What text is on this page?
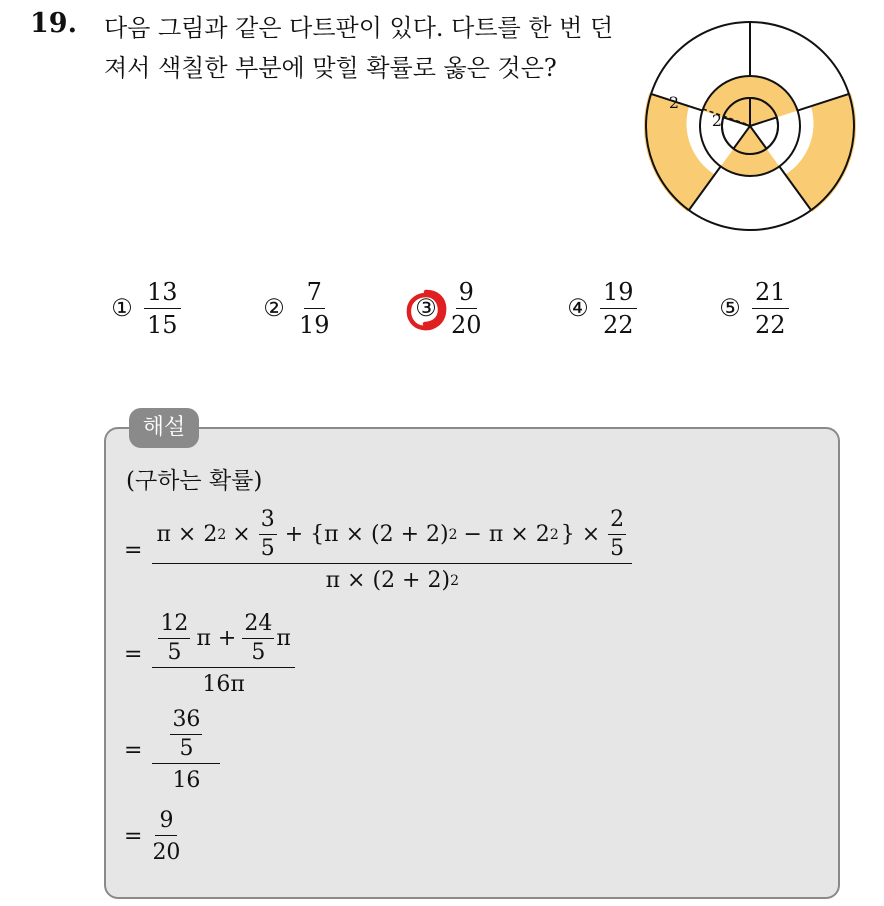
19. 다음 그림과 같은 다트판이 있다. 다트를 한 번 던져서 색칠한 부분에 맞힐 확률로 옳은 것은?
2
2
① $\frac{13}{15}$	② $\frac{7}{19}$	③ $\frac{9}{20}$	④ $\frac{19}{22}$	⑤ $\frac{21}{22}$
해설
(구하는 확률)
=
π × 2 $2 \times \frac{3}{5} + \{\pi \times (2 + 2) 2 - \pi \times 2$ 2 } × $\frac{2}{5}$
π × (2 + 2) 2
= $\frac{\frac{12}{5} \pi + \frac{24}{5} \pi}{16\pi}$
= $\frac{\frac{36}{5}}{16}$
= $\frac{9}{20}$
